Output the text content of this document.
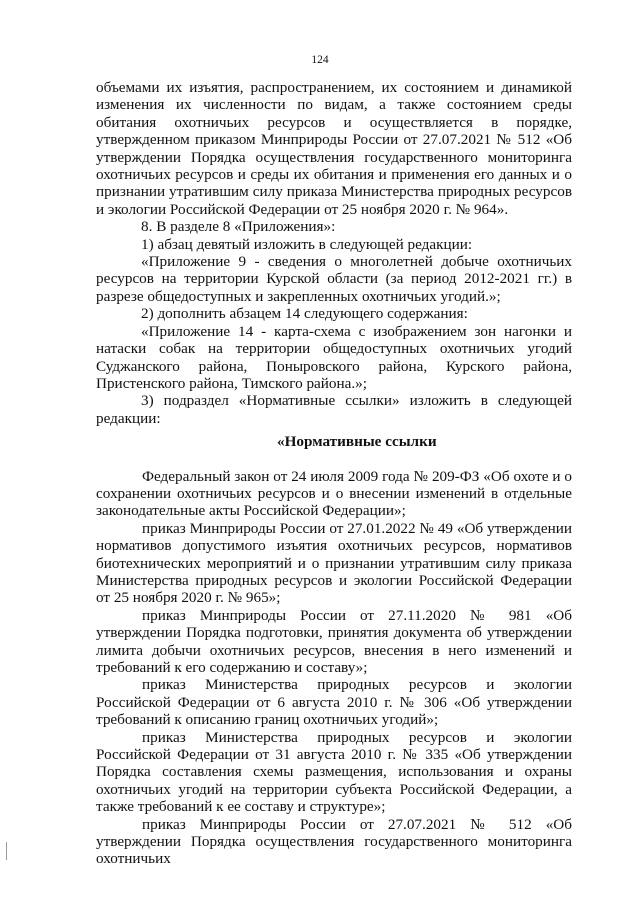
124

объемами их изъятия, распространением, их состоянием и динамикой изменения их численности по видам, а также состоянием среды обитания охотничьих ресурсов и осуществляется в порядке, утвержденном приказом Минприроды России от 27.07.2021 № 512 «Об утверждении Порядка осуществления государственного мониторинга охотничьих ресурсов и среды их обитания и применения его данных и о признании утратившим силу приказа Министерства природных ресурсов и экологии Российской Федерации от 25 ноября 2020 г. № 964».

8. В разделе 8 «Приложения»:

1) абзац девятый изложить в следующей редакции:

«Приложение 9 - сведения о многолетней добыче охотничьих ресурсов на территории Курской области (за период 2012-2021 гг.) в разрезе общедоступных и закрепленных охотничьих угодий.»;

2) дополнить абзацем 14 следующего содержания:

«Приложение 14 - карта-схема с изображением зон нагонки и натаски собак на территории общедоступных охотничьих угодий Суджанского района, Поныровского района, Курского района, Пристенского района, Тимского района.»;

3) подраздел «Нормативные ссылки» изложить в следующей редакции:

«Нормативные ссылки

Федеральный закон от 24 июля 2009 года № 209-ФЗ «Об охоте и о сохранении охотничьих ресурсов и о внесении изменений в отдельные законодательные акты Российской Федерации»;

приказ Минприроды России от 27.01.2022 № 49 «Об утверждении нормативов допустимого изъятия охотничьих ресурсов, нормативов биотехнических мероприятий и о признании утратившим силу приказа Министерства природных ресурсов и экологии Российской Федерации от 25 ноября 2020 г. № 965»;

приказ Минприроды России от 27.11.2020 № 981 «Об утверждении Порядка подготовки, принятия документа об утверждении лимита добычи охотничьих ресурсов, внесения в него изменений и требований к его содержанию и составу»;

приказ Министерства природных ресурсов и экологии Российской Федерации от 6 августа 2010 г. № 306 «Об утверждении требований к описанию границ охотничьих угодий»;

приказ Министерства природных ресурсов и экологии Российской Федерации от 31 августа 2010 г. № 335 «Об утверждении Порядка составления схемы размещения, использования и охраны охотничьих угодий на территории субъекта Российской Федерации, а также требований к ее составу и структуре»;

приказ Минприроды России от 27.07.2021 № 512 «Об утверждении Порядка осуществления государственного мониторинга охотничьих
